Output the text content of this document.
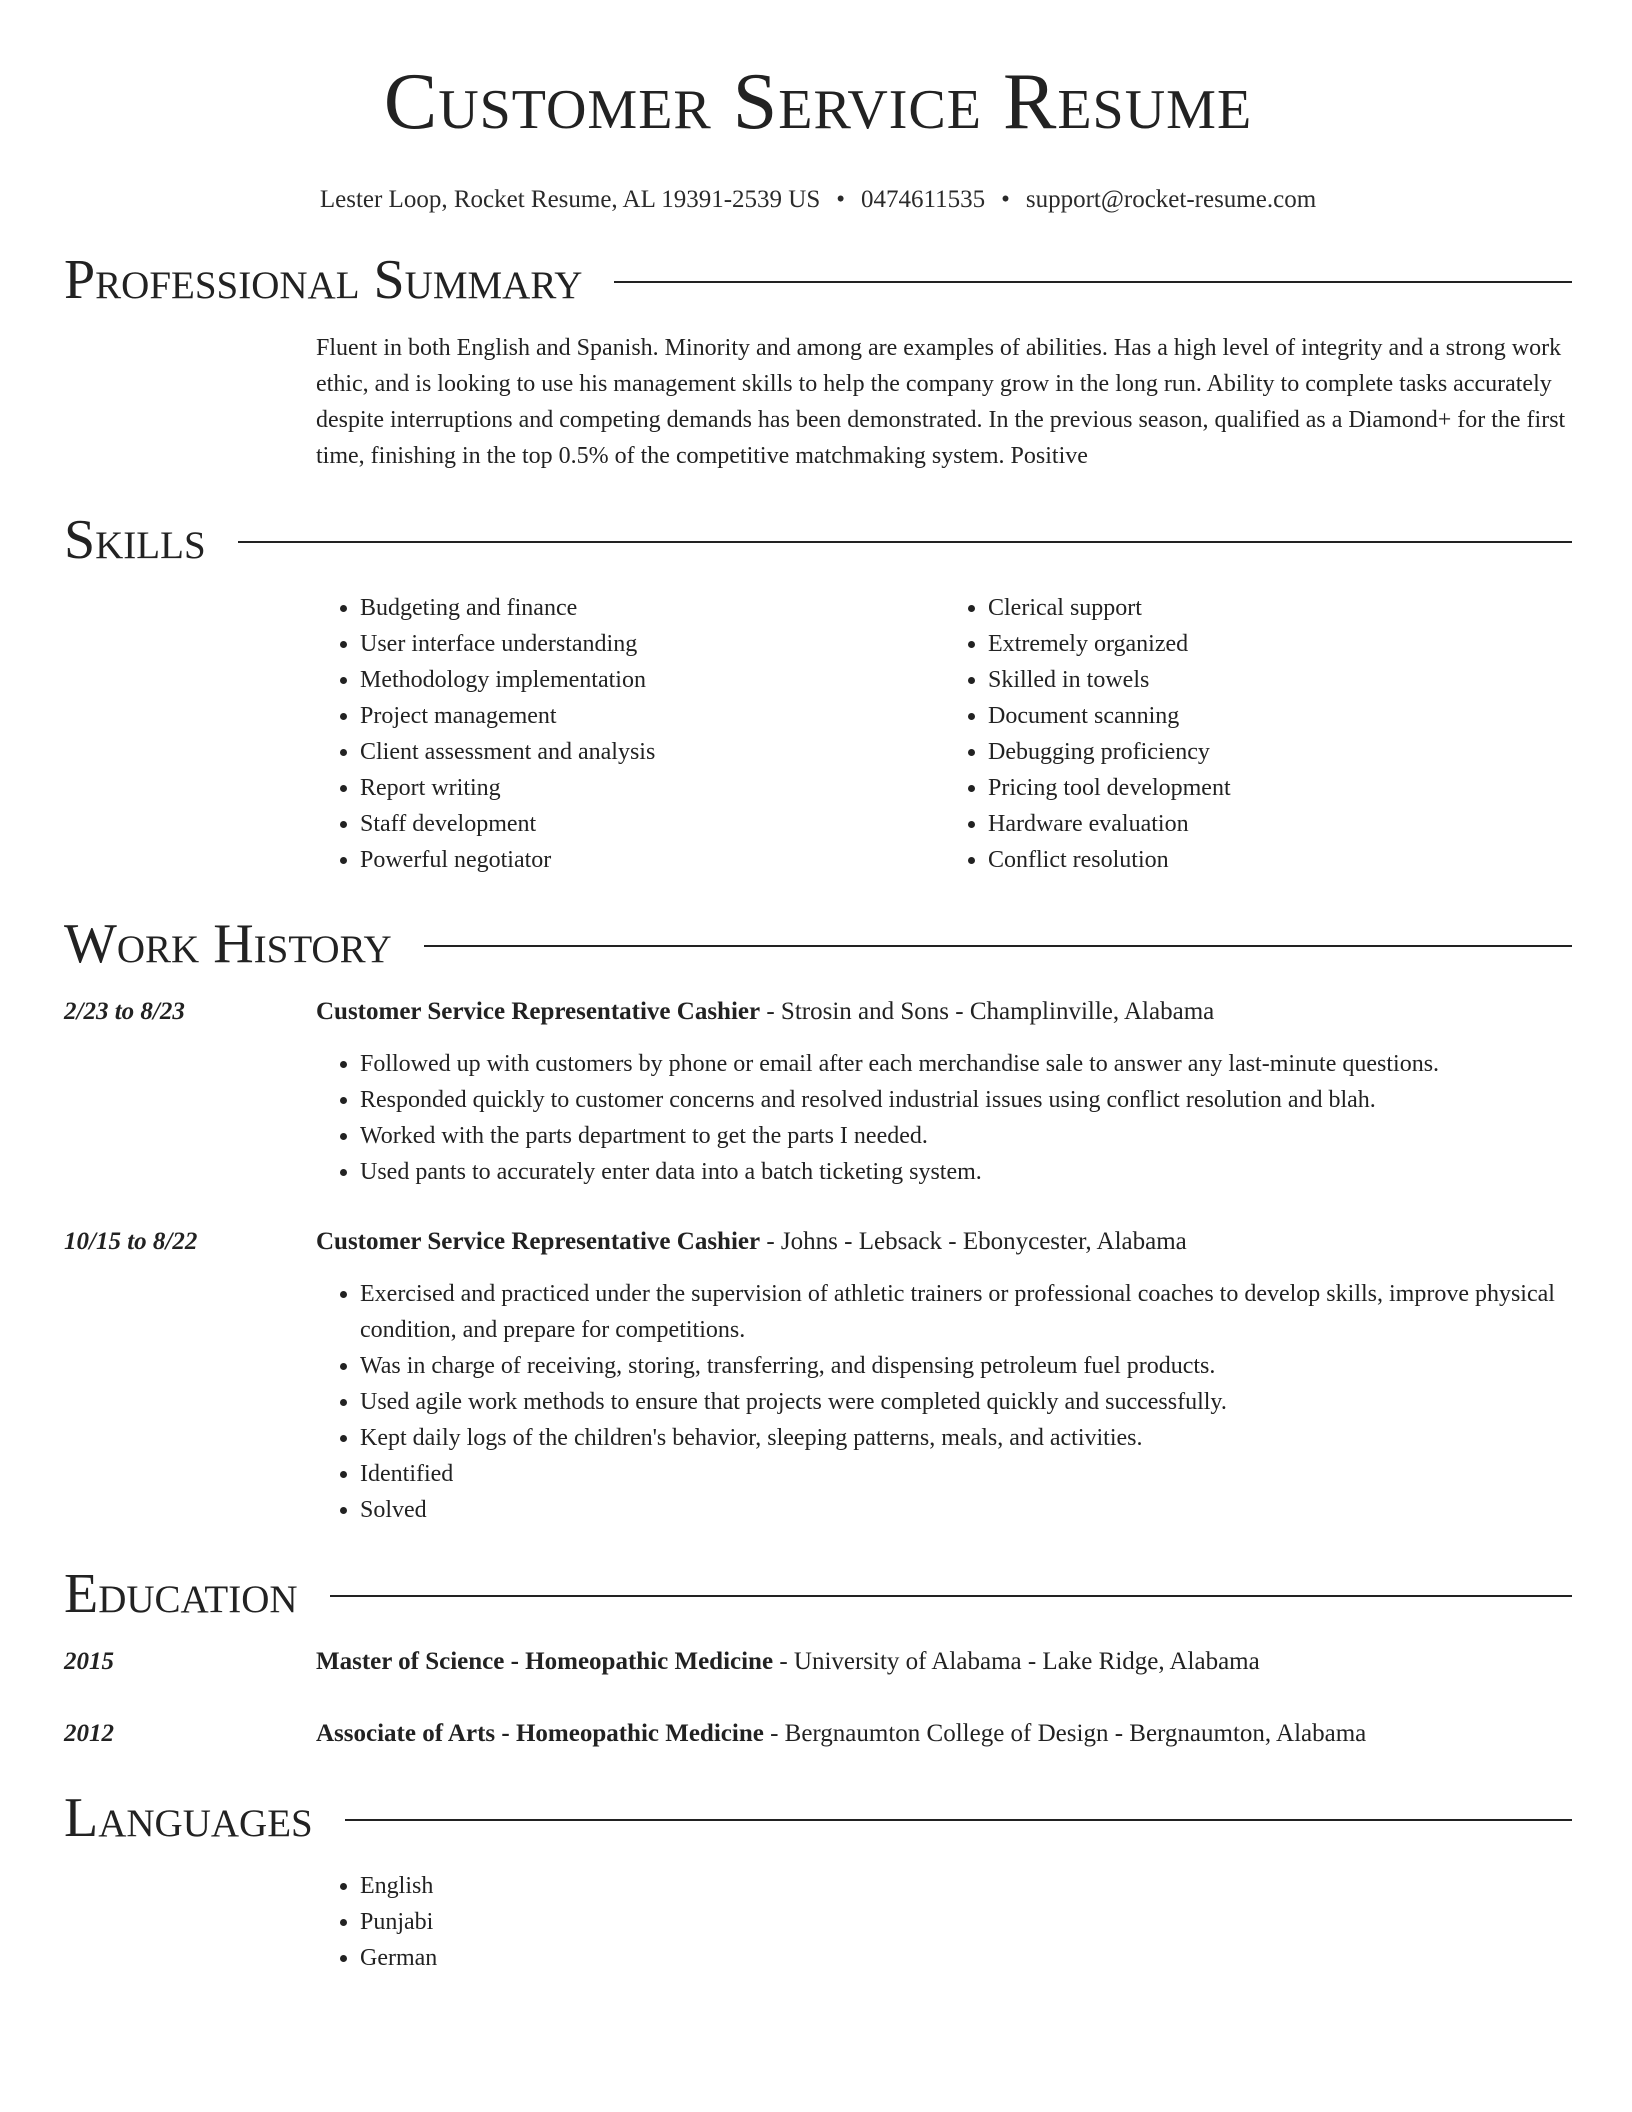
Customer Service Resume
Lester Loop, Rocket Resume, AL 19391-2539 US • 0474611535 • support@rocket-resume.com
Professional Summary
Fluent in both English and Spanish. Minority and among are examples of abilities. Has a high level of integrity and a strong work ethic, and is looking to use his management skills to help the company grow in the long run. Ability to complete tasks accurately despite interruptions and competing demands has been demonstrated. In the previous season, qualified as a Diamond+ for the first time, finishing in the top 0.5% of the competitive matchmaking system. Positive
Skills
• Budgeting and finance
• User interface understanding
• Methodology implementation
• Project management
• Client assessment and analysis
• Report writing
• Staff development
• Powerful negotiator
• Clerical support
• Extremely organized
• Skilled in towels
• Document scanning
• Debugging proficiency
• Pricing tool development
• Hardware evaluation
• Conflict resolution
Work History
2/23 to 8/23	Customer Service Representative Cashier - Strosin and Sons - Champlinville, Alabama
• Followed up with customers by phone or email after each merchandise sale to answer any last-minute questions.
• Responded quickly to customer concerns and resolved industrial issues using conflict resolution and blah.
• Worked with the parts department to get the parts I needed.
• Used pants to accurately enter data into a batch ticketing system.
10/15 to 8/22	Customer Service Representative Cashier - Johns - Lebsack - Ebonycester, Alabama
• Exercised and practiced under the supervision of athletic trainers or professional coaches to develop skills, improve physical condition, and prepare for competitions.
• Was in charge of receiving, storing, transferring, and dispensing petroleum fuel products.
• Used agile work methods to ensure that projects were completed quickly and successfully.
• Kept daily logs of the children's behavior, sleeping patterns, meals, and activities.
• Identified
• Solved
Education
2015	Master of Science - Homeopathic Medicine - University of Alabama - Lake Ridge, Alabama
2012	Associate of Arts - Homeopathic Medicine - Bergnaumton College of Design - Bergnaumton, Alabama
Languages
• English
• Punjabi
• German
